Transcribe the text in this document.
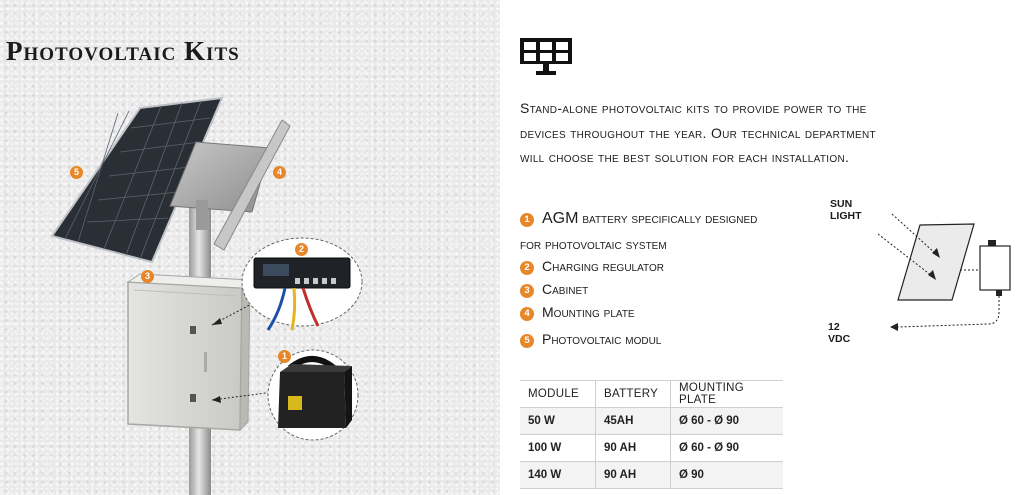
Photovoltaic Kits
5	4
3
2
1
Stand-alone photovoltaic kits to provide power to the
devices throughout the year. Our technical department
will choose the best solution for each installation.
1 AGM battery specifically designed
for photovoltaic system
2 Charging regulator
3 Cabinet
4 Mounting plate
5 Photovoltaic modul
SUN LIGHT
12 VDC
MODULE	BATTERY	MOUNTING PLATE
50 W	45AH	Ø 60 - Ø 90
100 W	90 AH	Ø 60 - Ø 90
140 W	90 AH	Ø 90
